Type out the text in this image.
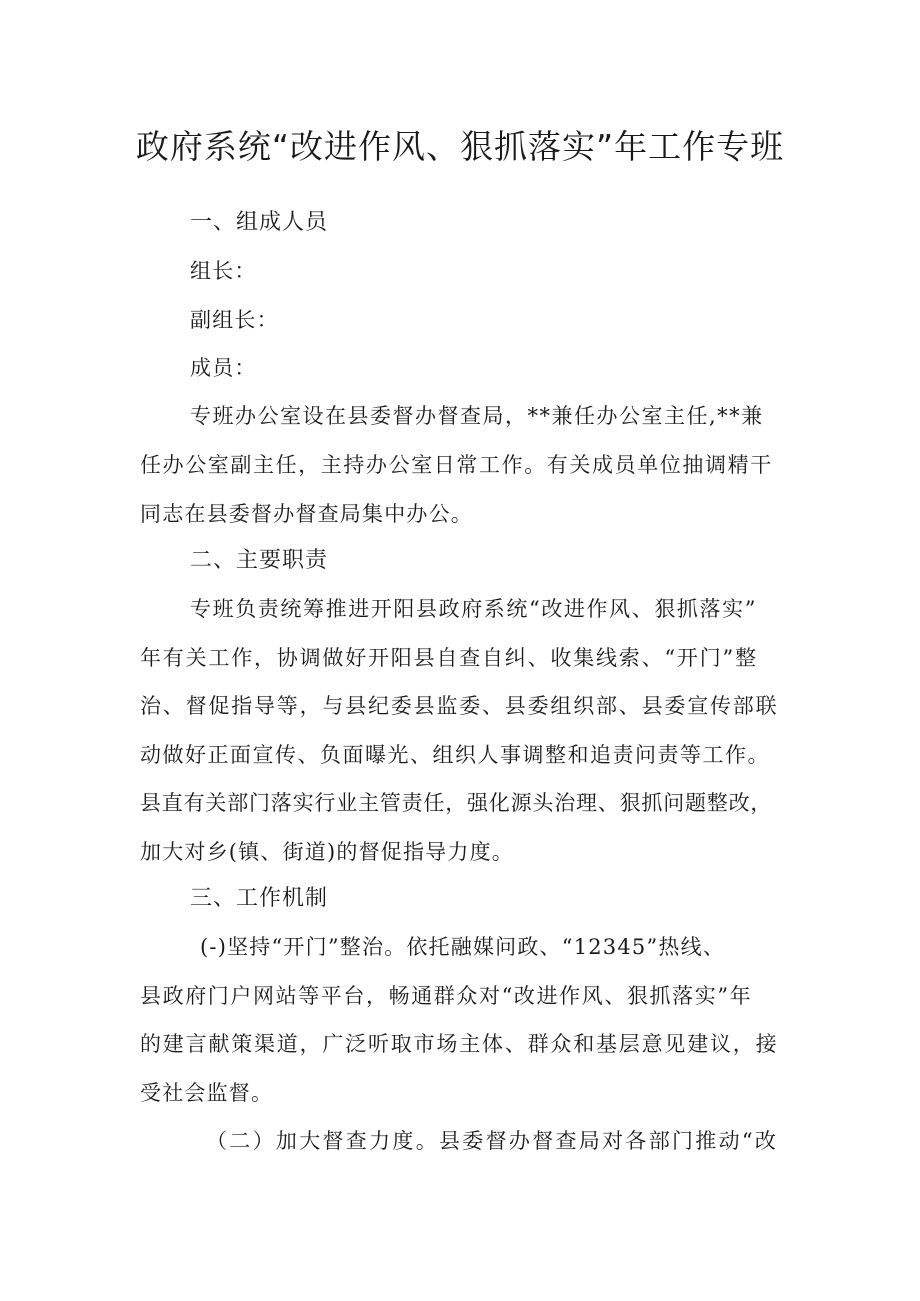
政府系统“改进作风、狠抓落实”年工作专班
一、组成人员

组长：

副组长：

成员：

专班办公室设在县委督办督查局，**兼任办公室主任,**兼

任办公室副主任，主持办公室日常工作。有关成员单位抽调精干

同志在县委督办督查局集中办公。

二、主要职责

专班负责统筹推进开阳县政府系统“改进作风、狠抓落实”

年有关工作，协调做好开阳县自查自纠、收集线索、“开门”整

治、督促指导等，与县纪委县监委、县委组织部、县委宣传部联

动做好正面宣传、负面曝光、组织人事调整和追责问责等工作。

县直有关部门落实行业主管责任，强化源头治理、狠抓问题整改，

加大对乡(镇、街道)的督促指导力度。

三、工作机制

(-)坚持“开门”整治。依托融媒问政、“12345”热线、

县政府门户网站等平台，畅通群众对“改进作风、狠抓落实”年

的建言献策渠道，广泛听取市场主体、群众和基层意见建议，接

受社会监督。

（二）加大督查力度。县委督办督查局对各部门推动“改
